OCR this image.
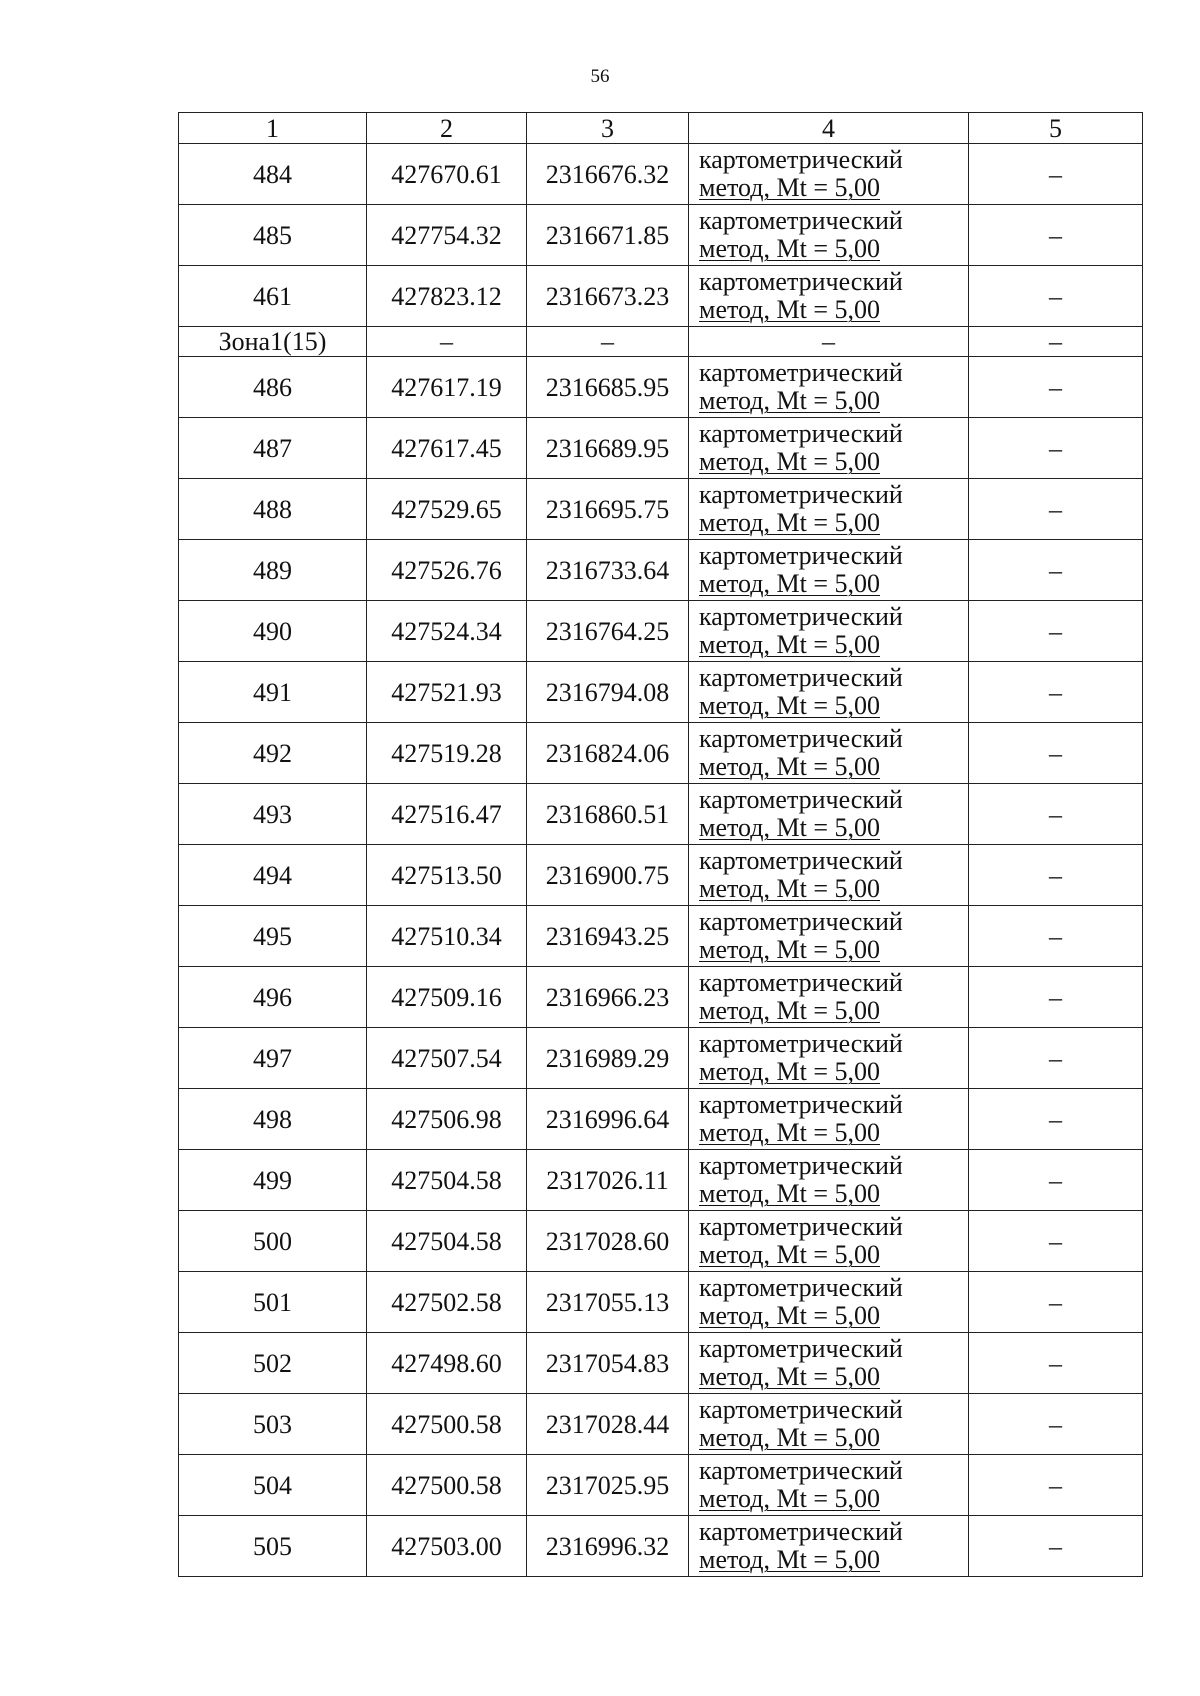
56
1	2	3	4	5
484	427670.61	2316676.32	картометрический
метод, Mt = 5,00	–
485	427754.32	2316671.85	картометрический
метод, Mt = 5,00	–
461	427823.12	2316673.23	картометрический
метод, Mt = 5,00	–
Зона1(15)	–	–	–	–
486	427617.19	2316685.95	картометрический
метод, Mt = 5,00	–
487	427617.45	2316689.95	картометрический
метод, Mt = 5,00	–
488	427529.65	2316695.75	картометрический
метод, Mt = 5,00	–
489	427526.76	2316733.64	картометрический
метод, Mt = 5,00	–
490	427524.34	2316764.25	картометрический
метод, Mt = 5,00	–
491	427521.93	2316794.08	картометрический
метод, Mt = 5,00	–
492	427519.28	2316824.06	картометрический
метод, Mt = 5,00	–
493	427516.47	2316860.51	картометрический
метод, Mt = 5,00	–
494	427513.50	2316900.75	картометрический
метод, Mt = 5,00	–
495	427510.34	2316943.25	картометрический
метод, Mt = 5,00	–
496	427509.16	2316966.23	картометрический
метод, Mt = 5,00	–
497	427507.54	2316989.29	картометрический
метод, Mt = 5,00	–
498	427506.98	2316996.64	картометрический
метод, Mt = 5,00	–
499	427504.58	2317026.11	картометрический
метод, Mt = 5,00	–
500	427504.58	2317028.60	картометрический
метод, Mt = 5,00	–
501	427502.58	2317055.13	картометрический
метод, Mt = 5,00	–
502	427498.60	2317054.83	картометрический
метод, Mt = 5,00	–
503	427500.58	2317028.44	картометрический
метод, Mt = 5,00	–
504	427500.58	2317025.95	картометрический
метод, Mt = 5,00	–
505	427503.00	2316996.32	картометрический
метод, Mt = 5,00	–
